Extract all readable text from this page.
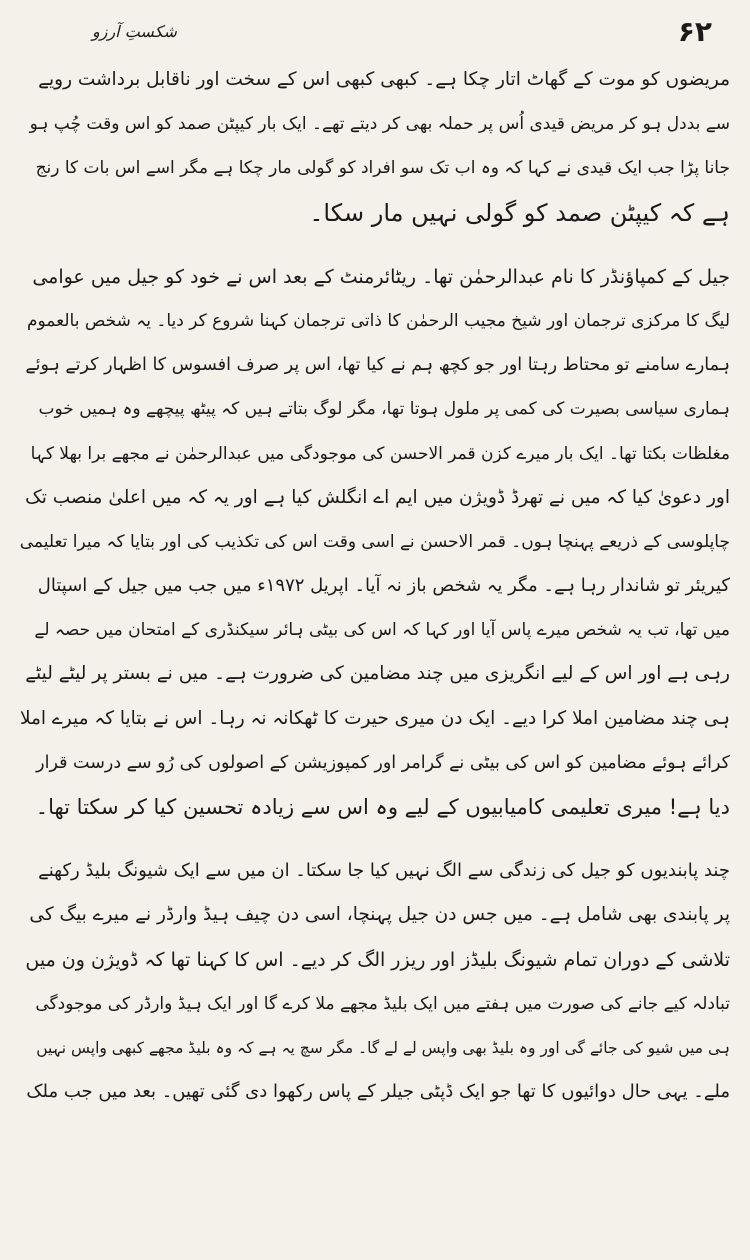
۶۲
شکستِ آرزو
مریضوں کو موت کے گھاٹ اتار چکا ہے۔ کبھی کبھی اس کے سخت اور ناقابل برداشت رویے
سے بددل ہو کر مریض قیدی اُس پر حملہ بھی کر دیتے تھے۔ ایک بار کیپٹن صمد کو اس وقت چُپ ہو
جانا پڑا جب ایک قیدی نے کہا کہ وہ اب تک سو افراد کو گولی مار چکا ہے مگر اسے اس بات کا رنج
ہے کہ کیپٹن صمد کو گولی نہیں مار سکا۔
جیل کے کمپاؤنڈر کا نام عبدالرحمٰن تھا۔ ریٹائرمنٹ کے بعد اس نے خود کو جیل میں عوامی
لیگ کا مرکزی ترجمان اور شیخ مجیب الرحمٰن کا ذاتی ترجمان کہنا شروع کر دیا۔ یہ شخص بالعموم
ہمارے سامنے تو محتاط رہتا اور جو کچھ ہم نے کیا تھا، اس پر صرف افسوس کا اظہار کرتے ہوئے
ہماری سیاسی بصیرت کی کمی پر ملول ہوتا تھا، مگر لوگ بتاتے ہیں کہ پیٹھ پیچھے وہ ہمیں خوب
مغلظات بکتا تھا۔ ایک بار میرے کزن قمر الاحسن کی موجودگی میں عبدالرحمٰن نے مجھے برا بھلا کہا
اور دعویٰ کیا کہ میں نے تھرڈ ڈویژن میں ایم اے انگلش کیا ہے اور یہ کہ میں اعلیٰ منصب تک
چاپلوسی کے ذریعے پہنچا ہوں۔ قمر الاحسن نے اسی وقت اس کی تکذیب کی اور بتایا کہ میرا تعلیمی
کیریئر تو شاندار رہا ہے۔ مگر یہ شخص باز نہ آیا۔ اپریل ۱۹۷۲ء میں جب میں جیل کے اسپتال
میں تھا، تب یہ شخص میرے پاس آیا اور کہا کہ اس کی بیٹی ہائر سیکنڈری کے امتحان میں حصہ لے
رہی ہے اور اس کے لیے انگریزی میں چند مضامین کی ضرورت ہے۔ میں نے بستر پر لیٹے لیٹے
ہی چند مضامین املا کرا دیے۔ ایک دن میری حیرت کا ٹھکانہ نہ رہا۔ اس نے بتایا کہ میرے املا
کرائے ہوئے مضامین کو اس کی بیٹی نے گرامر اور کمپوزیشن کے اصولوں کی رُو سے درست قرار
دیا ہے! میری تعلیمی کامیابیوں کے لیے وہ اس سے زیادہ تحسین کیا کر سکتا تھا۔
چند پابندیوں کو جیل کی زندگی سے الگ نہیں کیا جا سکتا۔ ان میں سے ایک شیونگ بلیڈ رکھنے
پر پابندی بھی شامل ہے۔ میں جس دن جیل پہنچا، اسی دن چیف ہیڈ وارڈر نے میرے بیگ کی
تلاشی کے دوران تمام شیونگ بلیڈز اور ریزر الگ کر دیے۔ اس کا کہنا تھا کہ ڈویژن ون میں
تبادلہ کیے جانے کی صورت میں ہفتے میں ایک بلیڈ مجھے ملا کرے گا اور ایک ہیڈ وارڈر کی موجودگی
ہی میں شیو کی جائے گی اور وہ بلیڈ بھی واپس لے لے گا۔ مگر سچ یہ ہے کہ وہ بلیڈ مجھے کبھی واپس نہیں
ملے۔ یہی حال دوائیوں کا تھا جو ایک ڈپٹی جیلر کے پاس رکھوا دی گئی تھیں۔ بعد میں جب ملک
